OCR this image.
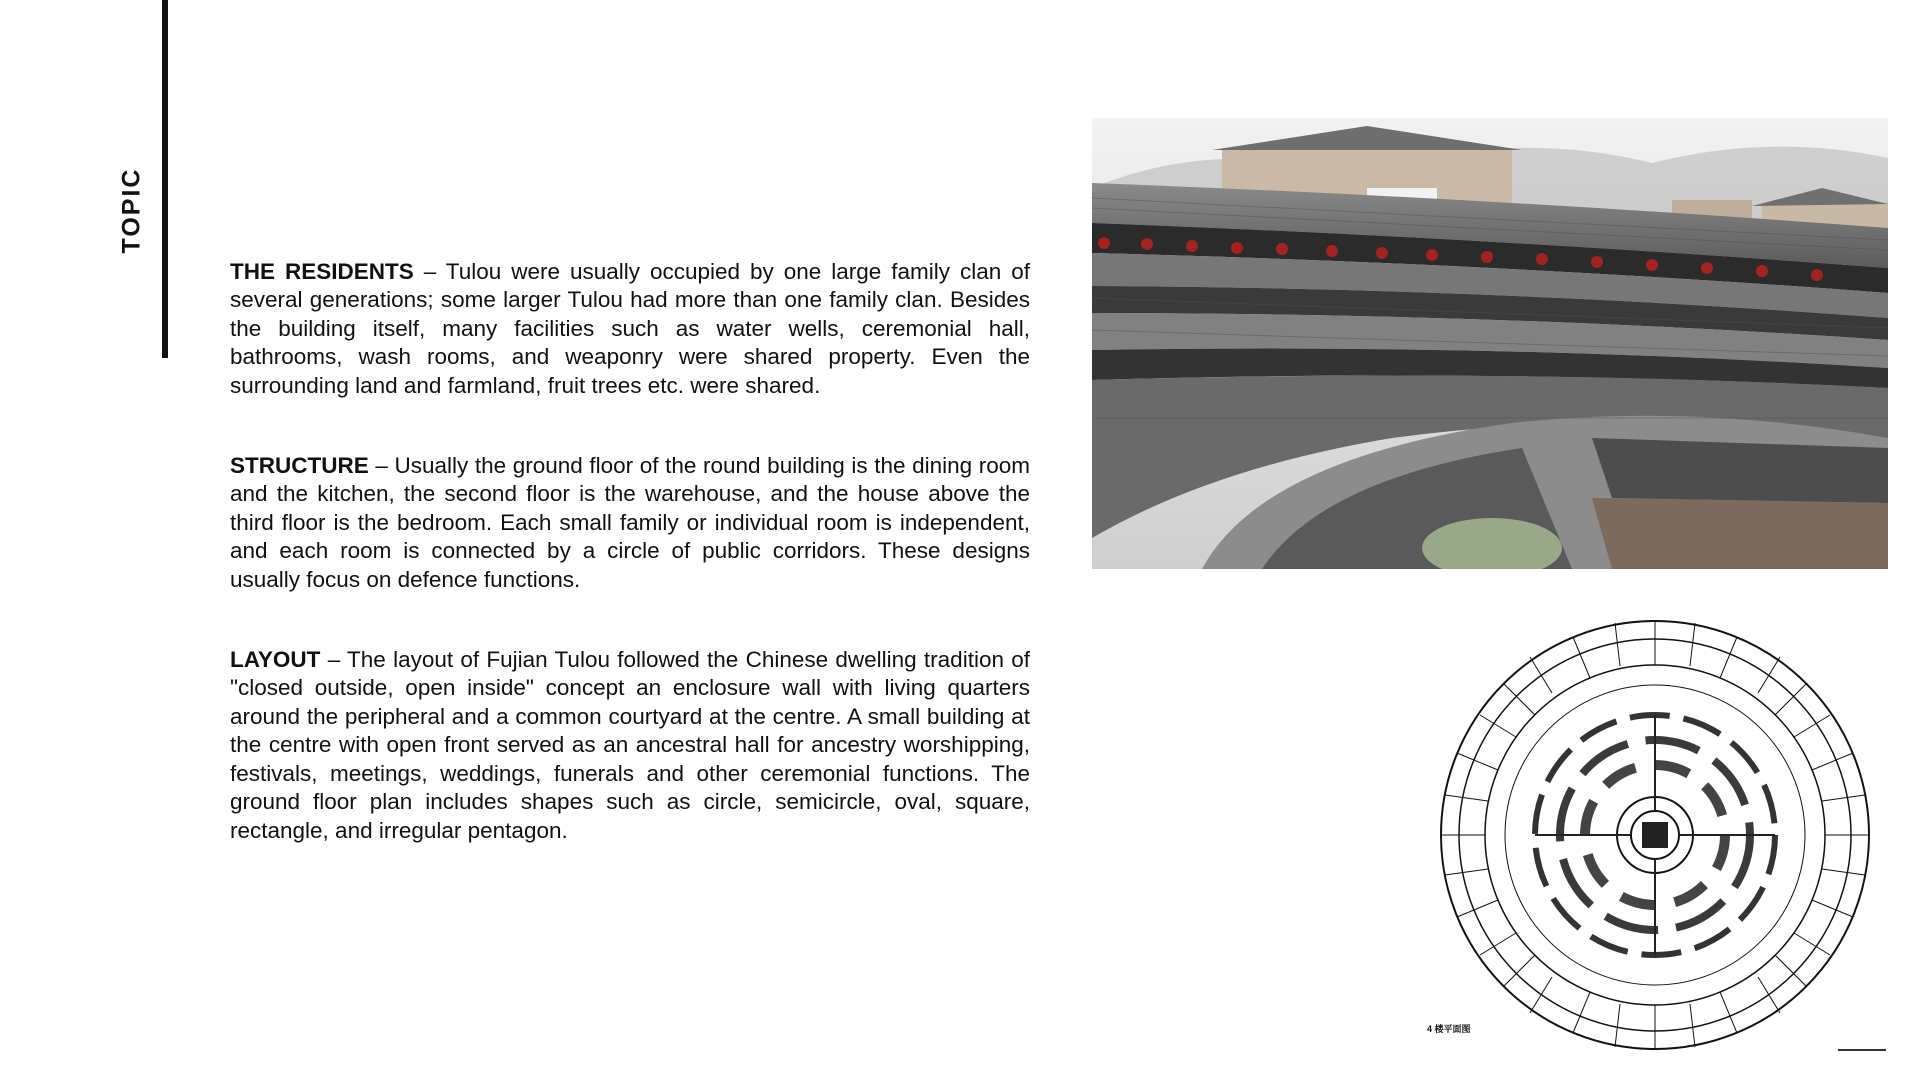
TOPIC

THE RESIDENTS – Tulou were usually occupied by one large family clan of several generations; some larger Tulou had more than one family clan. Besides the building itself, many facilities such as water wells, ceremonial hall, bathrooms, wash rooms, and weaponry were shared property. Even the surrounding land and farmland, fruit trees etc. were shared.

STRUCTURE – Usually the ground floor of the round building is the dining room and the kitchen, the second floor is the warehouse, and the house above the third floor is the bedroom. Each small family or individual room is independent, and each room is connected by a circle of public corridors. These designs usually focus on defence functions.

LAYOUT – The layout of Fujian Tulou followed the Chinese dwelling tradition of "closed outside, open inside" concept an enclosure wall with living quarters around the peripheral and a common courtyard at the centre. A small building at the centre with open front served as an ancestral hall for ancestry worshipping, festivals, meetings, weddings, funerals and other ceremonial functions. The ground floor plan includes shapes such as circle, semicircle, oval, square, rectangle, and irregular pentagon.

4 楼平面图
